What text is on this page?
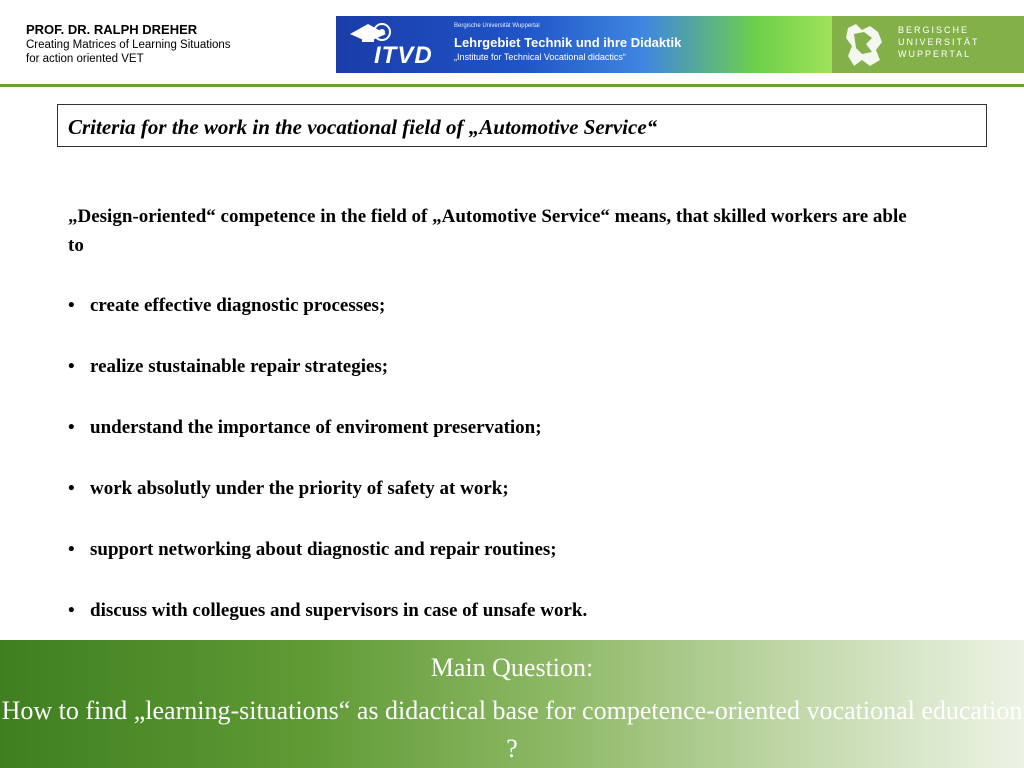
PROF. DR. RALPH DREHER
Creating Matrices of Learning Situations
for action oriented VET	ITVD
Bergische Universität Wuppertal
Lehrgebiet Technik und ihre Didaktik
„Institute for Technical Vocational didactics“
BERGISCHE
UNIVERSITÄT
WUPPERTAL
Criteria for the work in the vocational field of „Automotive Service“
„Design-oriented“ competence in the field of „Automotive Service“ means, that skilled workers are able to
• create effective diagnostic processes;
• realize stustainable repair strategies;
• understand the importance of enviroment preservation;
• work absolutly under the priority of safety at work;
• support networking about diagnostic and repair routines;
• discuss with collegues and supervisors in case of unsafe work.
Main Question:
How to find „learning-situations“ as didactical base for competence-oriented vocational education ?
